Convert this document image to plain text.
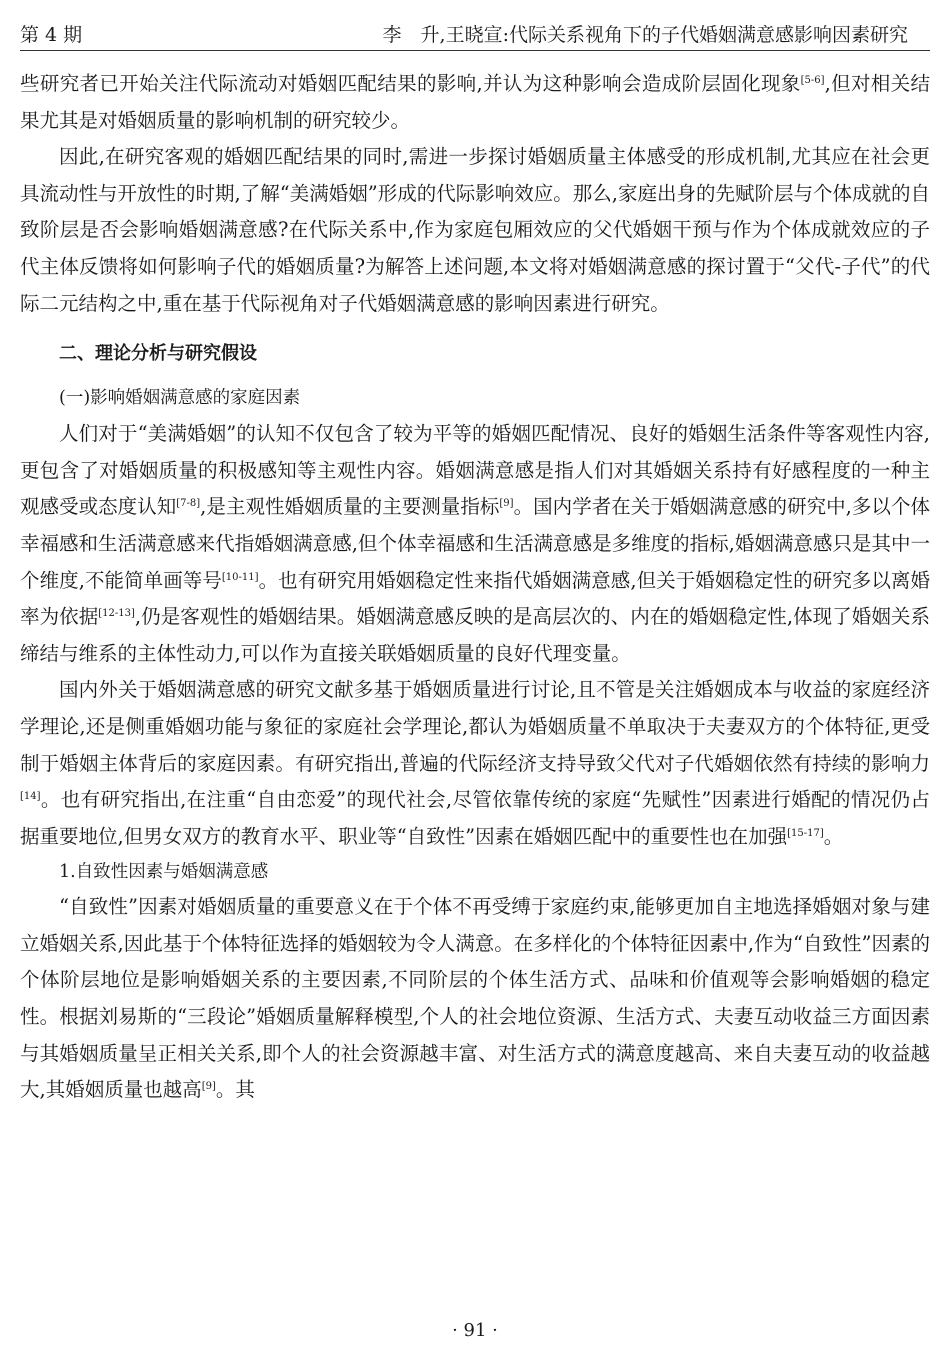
第 4 期	李　升,王晓宣:代际关系视角下的子代婚姻满意感影响因素研究

些研究者已开始关注代际流动对婚姻匹配结果的影响,并认为这种影响会造成阶层固化现象[5-6],但对相关结果尤其是对婚姻质量的影响机制的研究较少。

因此,在研究客观的婚姻匹配结果的同时,需进一步探讨婚姻质量主体感受的形成机制,尤其应在社会更具流动性与开放性的时期,了解“美满婚姻”形成的代际影响效应。那么,家庭出身的先赋阶层与个体成就的自致阶层是否会影响婚姻满意感?在代际关系中,作为家庭包厢效应的父代婚姻干预与作为个体成就效应的子代主体反馈将如何影响子代的婚姻质量?为解答上述问题,本文将对婚姻满意感的探讨置于“父代-子代”的代际二元结构之中,重在基于代际视角对子代婚姻满意感的影响因素进行研究。

二、理论分析与研究假设
(一)影响婚姻满意感的家庭因素

人们对于“美满婚姻”的认知不仅包含了较为平等的婚姻匹配情况、良好的婚姻生活条件等客观性内容,更包含了对婚姻质量的积极感知等主观性内容。婚姻满意感是指人们对其婚姻关系持有好感程度的一种主观感受或态度认知[7-8],是主观性婚姻质量的主要测量指标[9]。国内学者在关于婚姻满意感的研究中,多以个体幸福感和生活满意感来代指婚姻满意感,但个体幸福感和生活满意感是多维度的指标,婚姻满意感只是其中一个维度,不能简单画等号[10-11]。也有研究用婚姻稳定性来指代婚姻满意感,但关于婚姻稳定性的研究多以离婚率为依据[12-13],仍是客观性的婚姻结果。婚姻满意感反映的是高层次的、内在的婚姻稳定性,体现了婚姻关系缔结与维系的主体性动力,可以作为直接关联婚姻质量的良好代理变量。

国内外关于婚姻满意感的研究文献多基于婚姻质量进行讨论,且不管是关注婚姻成本与收益的家庭经济学理论,还是侧重婚姻功能与象征的家庭社会学理论,都认为婚姻质量不单取决于夫妻双方的个体特征,更受制于婚姻主体背后的家庭因素。有研究指出,普遍的代际经济支持导致父代对子代婚姻依然有持续的影响力[14]。也有研究指出,在注重“自由恋爱”的现代社会,尽管依靠传统的家庭“先赋性”因素进行婚配的情况仍占据重要地位,但男女双方的教育水平、职业等“自致性”因素在婚姻匹配中的重要性也在加强[15-17]。

1.自致性因素与婚姻满意感

“自致性”因素对婚姻质量的重要意义在于个体不再受缚于家庭约束,能够更加自主地选择婚姻对象与建立婚姻关系,因此基于个体特征选择的婚姻较为令人满意。在多样化的个体特征因素中,作为“自致性”因素的个体阶层地位是影响婚姻关系的主要因素,不同阶层的个体生活方式、品味和价值观等会影响婚姻的稳定性。根据刘易斯的“三段论”婚姻质量解释模型,个人的社会地位资源、生活方式、夫妻互动收益三方面因素与其婚姻质量呈正相关关系,即个人的社会资源越丰富、对生活方式的满意度越高、来自夫妻互动的收益越大,其婚姻质量也越高[9]。其

· 91 ·
